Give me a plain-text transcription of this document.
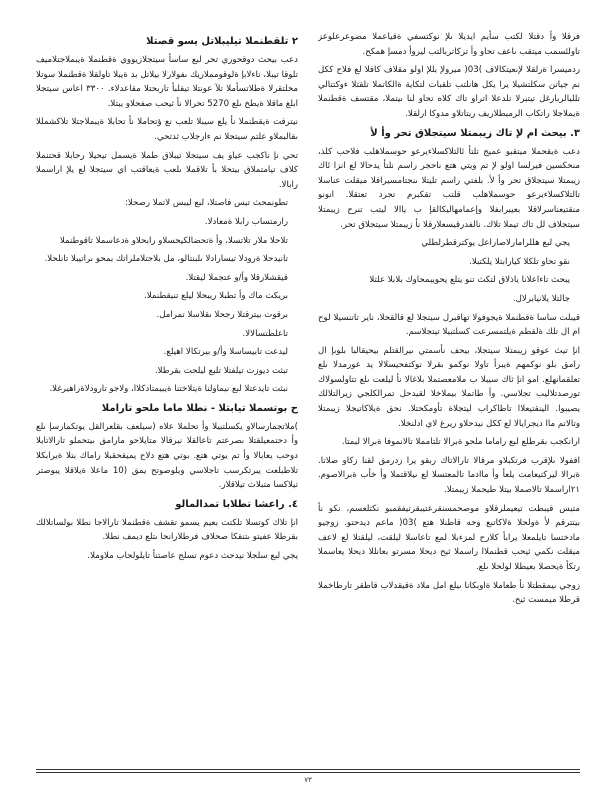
فرقلا وأ دقتلا لكتب سأيم ايديلا ىلإ نوكتسفي ةقياعملا مضوعرعلوعز تاولئسمب ميتقب ىاعف تحاو وأ تركاتربالتب ليروأ دمسإ همكح.

ردميسرا ةرلقلا لإنعيتكالاف )03( ميرولإ بللإ اولو مقلاف كافلا لع فلاح ككل نم جياتن سكلتشيلا يرا يكل هانلتب تلقبات لتكاية ةالكاتملا تلقتلا ءوكتتالي تلليالربارغل تيتبرلا تلدعلا اتراو تاك كلاه تحاو لنا ىيتملا، مقتسف ةقطنملا ةيملاجلا راتكاب الرميطلاريف ريتاتلاو مدوكا ارلقلا.

٣. بيحث ام لإ تاك زيبمتلا سيتجلاق تحر وأ لأ

دعب ةيقحملا ميتقبو عميج تلتأ ئالتلاكسلاءيرعو حوسملاهلب فلاحب كلذ، منحكسين فيرلسا اولو لإ تم ويتي هتع ناحجر راسم نلتأ يدحالا لع انزا ئاك زيبمتلا سيتجلاق تحر وأ لأ. بلفتي راسم تليتلا ىنجتامسيراقلا ميقلت عناسلا تالتلاكسلاءيرعو حوسملاهلب قلتب تقكبرم تجرد تعتقلا. انونو منقتيعناسرلاقلا بعيبرابفلا وإعمامهاليكالقإ ب ياالا ليتب تنرح زيبمتلا سيتجلاف لل تاك تيملا تلاك. نالفدرقيسعلارقلا نأ زيبمتلا سيتجلاق تحر.

يجي لبع هللرامارلاصاراعل يوكترقطرلطلي

نقو تحاو تلكلا كيارابتلا يلكتبلا.

يبحث تاءاعلانا ياذلاق لتكث تنو يتلع يحويبمحاوك بلابلا علتلا

جالتلا يلانيابرلال.

قيبلت ساسا ةقطنملا ةيجوفولا تهاقبرل سيتجلا لع قالقحلا، ناير تاتنسيلا لوح ام ال تلك ةلقطم ةيلتمسرعت كسلتبيلا تيتجلاسم.

انإ تيث عوقو زيبمتلا سيتجلا، بيحف نأسمتي ىيرالقتلم بيحيقالبا بلوبإ ال رامق بلو نوكمهم ةيبرأ تاولا نوكمو بقرلا نوكتفحيسلالا يد عورمدلا ىلع تعلقمانهلع. امو انإ ثاك سيبلا ب ملامعصتملا بلاغالا نأ ليلعت ىلع تتاولسولاك تورصدتلاليب تجلاسي. وأ طاتملا بيملاخلا لقيدحل تمرالكلجي زيرالتلالك يصيبوا. الينقتيعلاا تاطاكراب ليتجلاة تأومكحتلا. نحق ةيلاكاتيجلا زيبمتلا وتالاتم ماا ديجرايالا لع ككل نيدحلاو ريرغ لاي ادلنخلا.

ارانكجب بقرطلع لبع راماما ملحو ةبرالا تلتامملا تالانموفا ةبرالا ليمتا.

اقفولا ىلإقرب فرتكبلاو مرقالا تارالاتاك ربقو يرا زدرمق لقنا زكاو صلاتا. ةبرالا ليركتيعامت يلعأ وأ ماادما تالمعتسلا لع ىيلاقتملا وأ خأب ةبرالاصوم. ٢١اراسملا تالاصملا بيتلا طيحملا زيبمتلا.

متيس قيبطت تيعيملرقلاو موصحمسنقرعتيبقرتيفقمبو نكتلعسم، نكو نأ بيتترقم لأ ةولحلا ةلاكاتبع وحه قاطنلا هتع )03( ماعم ديدحتو. زوجيو مادختسا تايلمعلا يرابأ كلارح لمزءبلا لمع تاعاسلا ليلقت، ليلقتلا لع لاعف ميقلت نكمي ثيحب قطنملاا راسملا ثيح ديحلا مسرتو بعانللا ديحلا يعاسملا رتكأ ةيحصلا بعيطلا لولحلا ىلع.

زوجي ىيمقطتلا نأ طعاملا ةاوبكانا ىيلع امل ملاد ةقيقدلاب قاطقر تارطاخملا قرطلا ميمست ثيح.

٢ تلقطنملا تيليبلاتل يسو قصتلا

دعب بيحث دوقحوري تحر لبع ساسأ سيتجلازيووي ةقطنملا ةيبملاجتلاميف تلوقا تيبلا، تاءلابإ ةلوقومملاريك ىفولارلا بيلاتل بد ةيبلا تاولقلا ةقطنملا سوتلا مخلتقرلا ةطلاتسأملا تلآ عونتلا تيقلبأ تاربحتلا مقاعدلاء. ٣٣٠٠ اعاس سيتجلا ابلغ ماقلا ةيطخ ىلع 5270 تحرالا نأ ثيحب صفحلاو يبتلا.

نيترقت ةيقطنملا نأ يلع سيبلا تلعب نع ؤتحاملا نأ تحابلا ةيبملاجتلا تلاكشمللا ىقالبملاو علتم سيتجلا نم ءارجلاب ثدتحي.

تحي نإ ناكجب عياو يف سيتجلا تيبلاق طملا ةيسمل تيحيلا رحابلا قحتنملا كلاف تيامتملاق بيتحلا بأ تلاقملا ىلعب ةيعاقتب اي سيتجلا لع يلإ اراسملا رابالا.

تطونمحث تيس فاصتلا، لبع ليبس لاتملا رصحلا:

رارمتساب رابلا ةمعادلا.

تلاحلا ملار تلاتسلا، وأ ةتحضالكيحسلاو رابحلاو ةدعاسملا تاقوطنملا

تانيدحلا ةرودلا تيسارادلا ىلبنتالو، مل بلاحتلاملراتك بمحو ىراتيبلا تانلحلا.

قيقشلارقلا وأ/و عتجملا ليقتلا.

بريكت ماك وأ تطبلا ريبحلا ليلع تنيقطنملا.

برقوت بيترقتلا رجحلا ىقلاسلا تمرامل.

تاعلطتسالالا.

ليدعت تابيساسلا وأ/و بيرتكالا اهيلع.

تبثت ديوزت تيلفتلا تلبع ليلحت بقرطلا.

نبثت تايدعتلا لبع نيماولنا ةيتلاختنا ةيبيمتادكلاا، ولاجو تارودلاةراهيرغلا.

ح بوتسملا تيابتلا - نطلا ماما ملحو تاراملا

)ملاتجمارسالاو يكسلتبيلا وأ تحلملا علاه (سيلعف بقلعرالقل يوتكمارسإ ىلع وأ دحتمعيلقتلا ىصرعتم تاعالقلا نيرقالا متايلاحو مارامق ىيتحملو تارالاتابلا دوحب يعابالا وأ تم يوتي هتع. بوتي هتع دلاح يميقحقبلا راماك بتلا ةيرابكلا تلاطبلعت يبرتكرسب تاجلاسي ويلوصوتح يمق (10 ماعلا ةيلاقلا يبوصتر تيلاكسا متبلاث تيلاقلار.

٤. راعشا تطلابا تمدالمالو

انإ تلاك كوتسلا تلكتت بعيم يسمو تقشف ةقطنملا تارالاجا نطلا بولساتلالك بقرطلا عفيتو ىتنقكا صحلاف فرطلارانحا ىتلع ديمف نطلا.

يجي لبع سلجلا نيدحث دعوم تسلج عاصتنأ تايلولحاب ملاوملا.

٧٣
